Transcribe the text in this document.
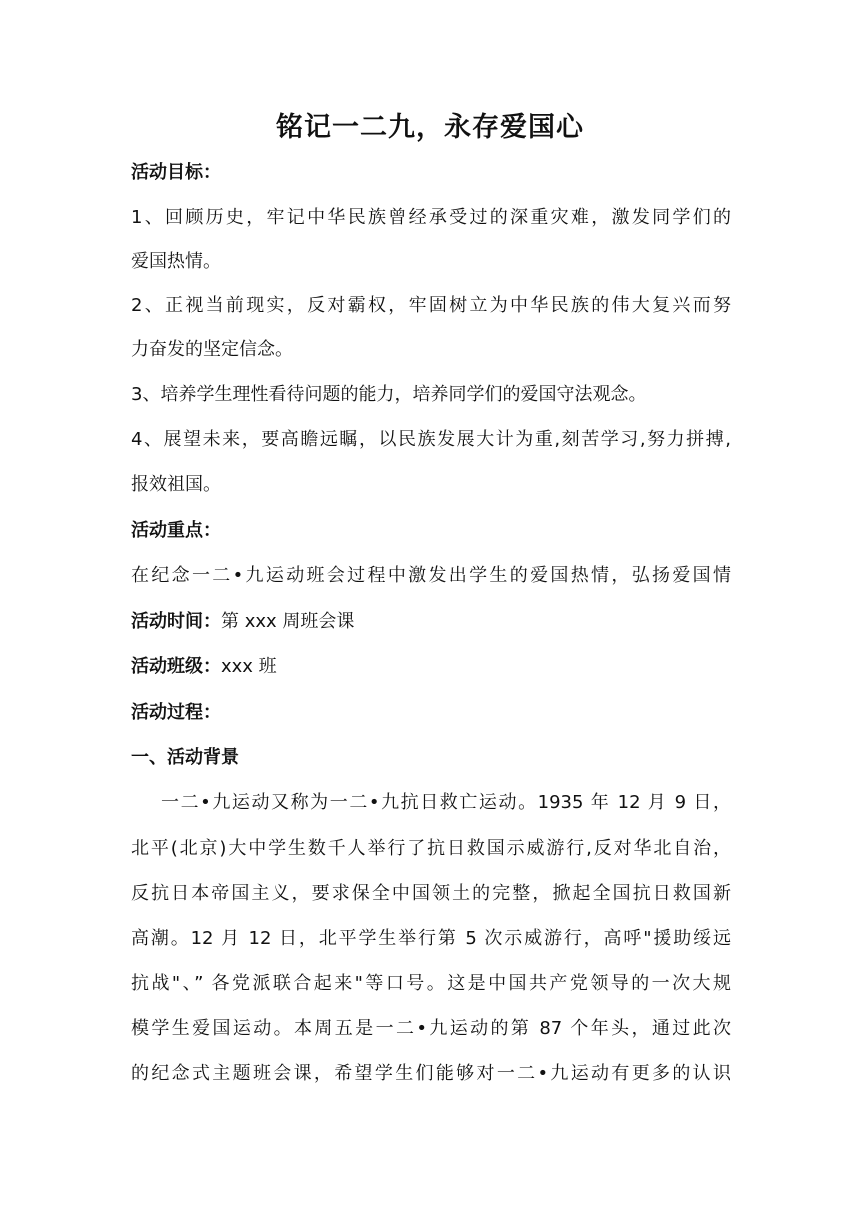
铭记一二九，永存爱国心
活动目标：
1、回顾历史，牢记中华民族曾经承受过的深重灾难，激发同学们的
爱国热情。
2、正视当前现实，反对霸权，牢固树立为中华民族的伟大复兴而努
力奋发的坚定信念。
3、培养学生理性看待问题的能力，培养同学们的爱国守法观念。
4、展望未来，要高瞻远瞩，以民族发展大计为重,刻苦学习,努力拼搏,
报效祖国。
活动重点：
在纪念一二•九运动班会过程中激发出学生的爱国热情，弘扬爱国情
活动时间：第 xxx 周班会课
活动班级：xxx 班
活动过程：
一、活动背景
一二•九运动又称为一二•九抗日救亡运动。1935 年 12 月 9 日，
北平(北京)大中学生数千人举行了抗日救国示威游行,反对华北自治，
反抗日本帝国主义，要求保全中国领土的完整，掀起全国抗日救国新
高潮。12 月 12 日，北平学生举行第 5 次示威游行，高呼"援助绥远
抗战"、” 各党派联合起来"等口号。这是中国共产党领导的一次大规
模学生爱国运动。本周五是一二•九运动的第 87 个年头，通过此次
的纪念式主题班会课，希望学生们能够对一二•九运动有更多的认识
